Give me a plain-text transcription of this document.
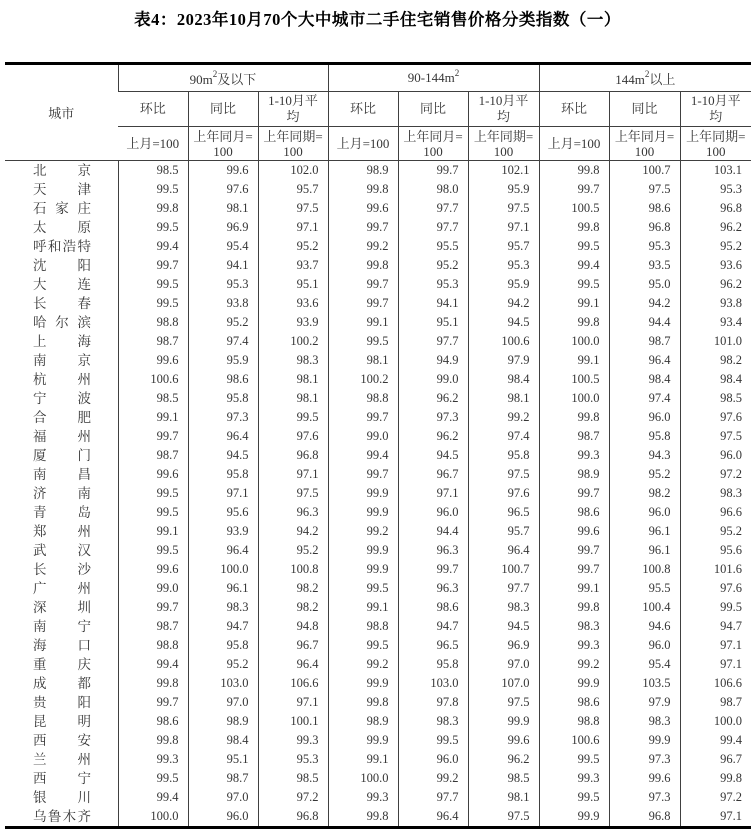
表4：2023年10月70个大中城市二手住宅销售价格分类指数（一）
城市	$90m^2$及以下			$90-144m^2$			$144m^2$以上		
	环比	同比	1-10月平均	环比	同比	1-10月平均	环比	同比	1-10月平均
	上月=100	上年同月=100	上年同期=100	上月=100	上年同月=100	上年同期=100	上月=100	上年同月=100	上年同期=100

北 京	98.5	99.6	102.0	98.9	99.7	102.1	99.8	100.7	103.1

天 津	99.5	97.6	95.7	99.8	98.0	95.9	99.7	97.5	95.3

石 家 庄	99.8	98.1	97.5	99.6	97.7	97.5	100.5	98.6	96.8

太 原	99.5	96.9	97.1	99.7	97.7	97.1	99.8	96.8	96.2

呼 和 浩 特	99.4	95.4	95.2	99.2	95.5	95.7	99.5	95.3	95.2

沈 阳	99.7	94.1	93.7	99.8	95.2	95.3	99.4	93.5	93.6

大 连	99.5	95.3	95.1	99.7	95.3	95.9	99.5	95.0	96.2

长 春	99.5	93.8	93.6	99.7	94.1	94.2	99.1	94.2	93.8

哈 尔 滨	98.8	95.2	93.9	99.1	95.1	94.5	99.8	94.4	93.4

上 海	98.7	97.4	100.2	99.5	97.7	100.6	100.0	98.7	101.0

南 京	99.6	95.9	98.3	98.1	94.9	97.9	99.1	96.4	98.2

杭 州	100.6	98.6	98.1	100.2	99.0	98.4	100.5	98.4	98.4

宁 波	98.5	95.8	98.1	98.8	96.2	98.1	100.0	97.4	98.5

合 肥	99.1	97.3	99.5	99.7	97.3	99.2	99.8	96.0	97.6

福 州	99.7	96.4	97.6	99.0	96.2	97.4	98.7	95.8	97.5

厦 门	98.7	94.5	96.8	99.4	94.5	95.8	99.3	94.3	96.0

南 昌	99.6	95.8	97.1	99.7	96.7	97.5	98.9	95.2	97.2

济 南	99.5	97.1	97.5	99.9	97.1	97.6	99.7	98.2	98.3

青 岛	99.5	95.6	96.3	99.9	96.0	96.5	98.6	96.0	96.6

郑 州	99.1	93.9	94.2	99.2	94.4	95.7	99.6	96.1	95.2

武 汉	99.5	96.4	95.2	99.9	96.3	96.4	99.7	96.1	95.6

长 沙	99.6	100.0	100.8	99.9	99.7	100.7	99.7	100.8	101.6

广 州	99.0	96.1	98.2	99.5	96.3	97.7	99.1	95.5	97.6

深 圳	99.7	98.3	98.2	99.1	98.6	98.3	99.8	100.4	99.5

南 宁	98.7	94.7	94.8	98.8	94.7	94.5	98.3	94.6	94.7

海 口	98.8	95.8	96.7	99.5	96.5	96.9	99.3	96.0	97.1

重 庆	99.4	95.2	96.4	99.2	95.8	97.0	99.2	95.4	97.1

成 都	99.8	103.0	106.6	99.9	103.0	107.0	99.9	103.5	106.6

贵 阳	99.7	97.0	97.1	99.8	97.8	97.5	98.6	97.9	98.7

昆 明	98.6	98.9	100.1	98.9	98.3	99.9	98.8	98.3	100.0

西 安	99.8	98.4	99.3	99.9	99.5	99.6	100.6	99.9	99.4

兰 州	99.3	95.1	95.3	99.1	96.0	96.2	99.5	97.3	96.7

西 宁	99.5	98.7	98.5	100.0	99.2	98.5	99.3	99.6	99.8

银 川	99.4	97.0	97.2	99.3	97.7	98.1	99.5	97.3	97.2

乌 鲁 木 齐	100.0	96.0	96.8	99.8	96.4	97.5	99.9	96.8	97.1
